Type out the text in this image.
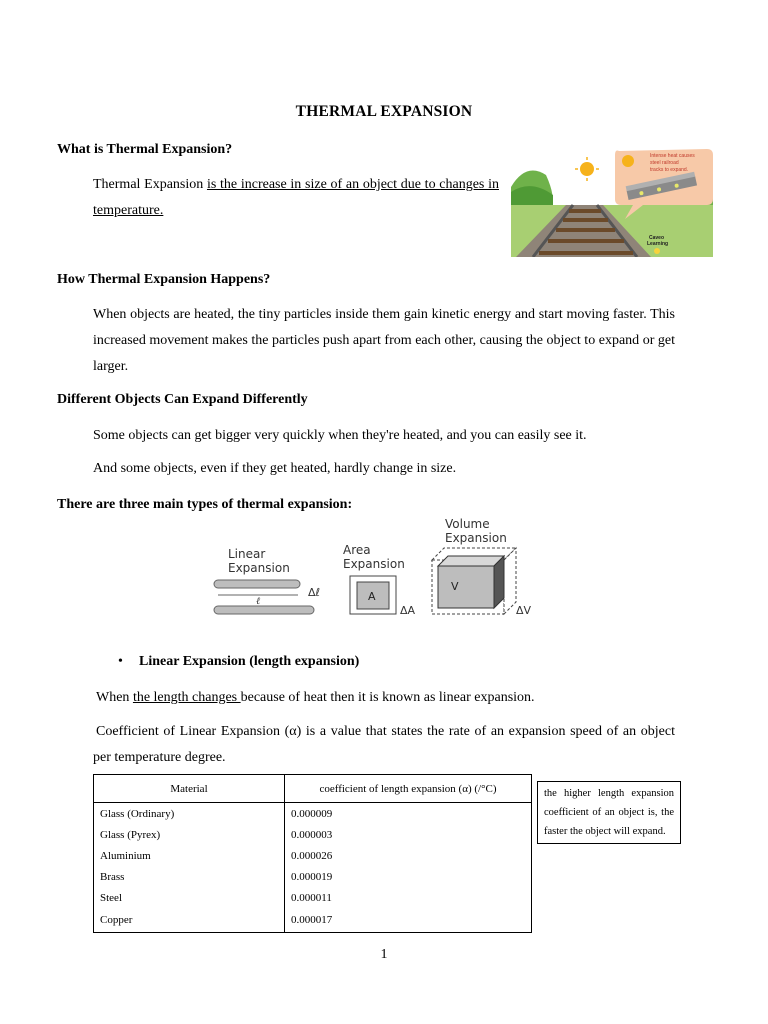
THERMAL EXPANSION
What is Thermal Expansion?
Thermal Expansion is the increase in size of an object due to changes in temperature.
Intense heat causes
steel railroad
tracks to expand.
Caveo
Learning
How Thermal Expansion Happens?
When objects are heated, the tiny particles inside them gain kinetic energy and start moving faster. This increased movement makes the particles push apart from each other, causing the object to expand or get larger.
Different Objects Can Expand Differently
Some objects can get bigger very quickly when they're heated, and you can easily see it.
And some objects, even if they get heated, hardly change in size.
There are three main types of thermal expansion:
Linear
Expansion
ℓ
Δℓ
Area
Expansion
A
ΔA
Volume
Expansion
V
ΔV
• Linear Expansion (length expansion)
When the length changes because of heat then it is known as linear expansion.
Coefficient of Linear Expansion (α) is a value that states the rate of an expansion speed of an object per temperature degree.
Material	coefficient of length expansion (α) (/°C)
Glass (Ordinary)	0.000009
Glass (Pyrex)	0.000003
Aluminium	0.000026
Brass	0.000019
Steel	0.000011
Copper	0.000017
the higher length expansion coefficient of an object is, the faster the object will expand.
1
